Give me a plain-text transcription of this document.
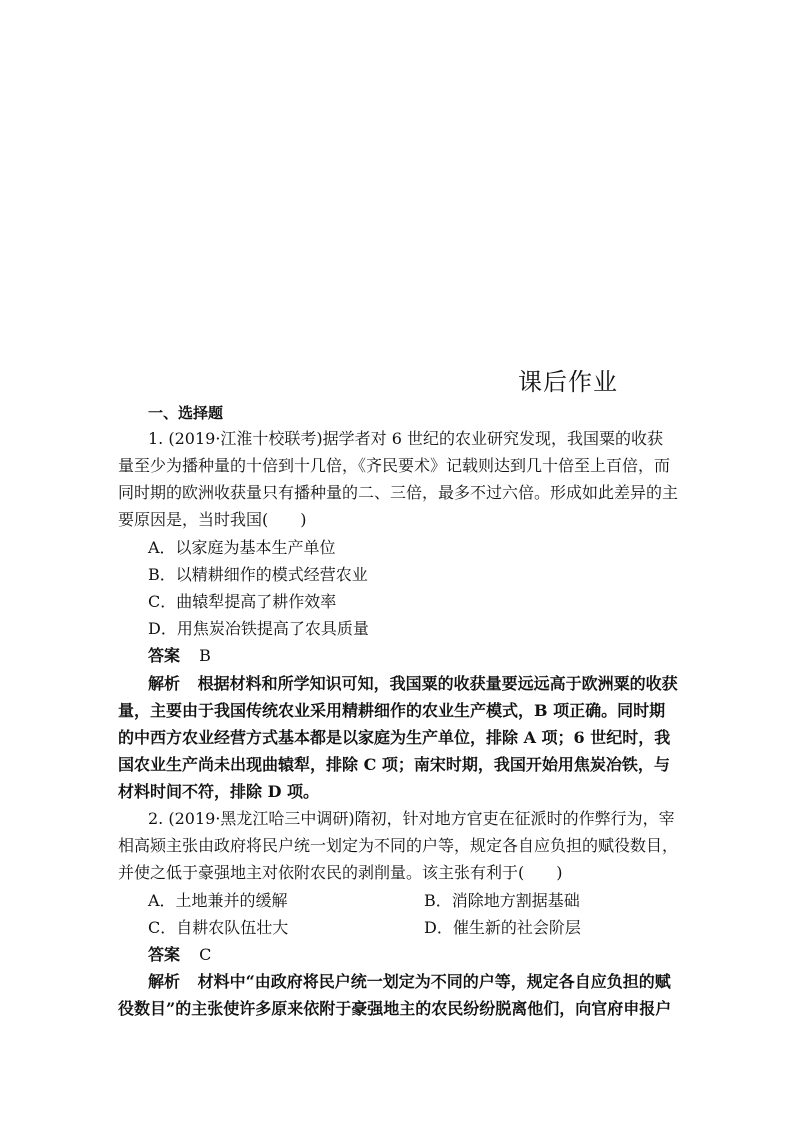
课后作业
一、选择题
1. (2019·江淮十校联考)据学者对 6 世纪的农业研究发现，我国粟的收获量至少为播种量的十倍到十几倍，《齐民要术》记载则达到几十倍至上百倍，而同时期的欧洲收获量只有播种量的二、三倍，最多不过六倍。形成如此差异的主要原因是，当时我国(　　)
A．以家庭为基本生产单位
B．以精耕细作的模式经营农业
C．曲辕犁提高了耕作效率
D．用焦炭冶铁提高了农具质量
答案 B
解析 根据材料和所学知识可知，我国粟的收获量要远远高于欧洲粟的收获量，主要由于我国传统农业采用精耕细作的农业生产模式，B 项正确。同时期的中西方农业经营方式基本都是以家庭为生产单位，排除 A 项；6 世纪时，我国农业生产尚未出现曲辕犁，排除 C 项；南宋时期，我国开始用焦炭冶铁，与材料时间不符，排除 D 项。
2. (2019·黑龙江哈三中调研)隋初，针对地方官吏在征派时的作弊行为，宰相高颎主张由政府将民户统一划定为不同的户等，规定各自应负担的赋役数目，并使之低于豪强地主对依附农民的剥削量。该主张有利于(　　)
A．土地兼并的缓解	B．消除地方割据基础
C．自耕农队伍壮大	D．催生新的社会阶层
答案 C
解析 材料中“由政府将民户统一划定为不同的户等，规定各自应负担的赋役数目”的主张使许多原来依附于豪强地主的农民纷纷脱离他们，向官府申报户
